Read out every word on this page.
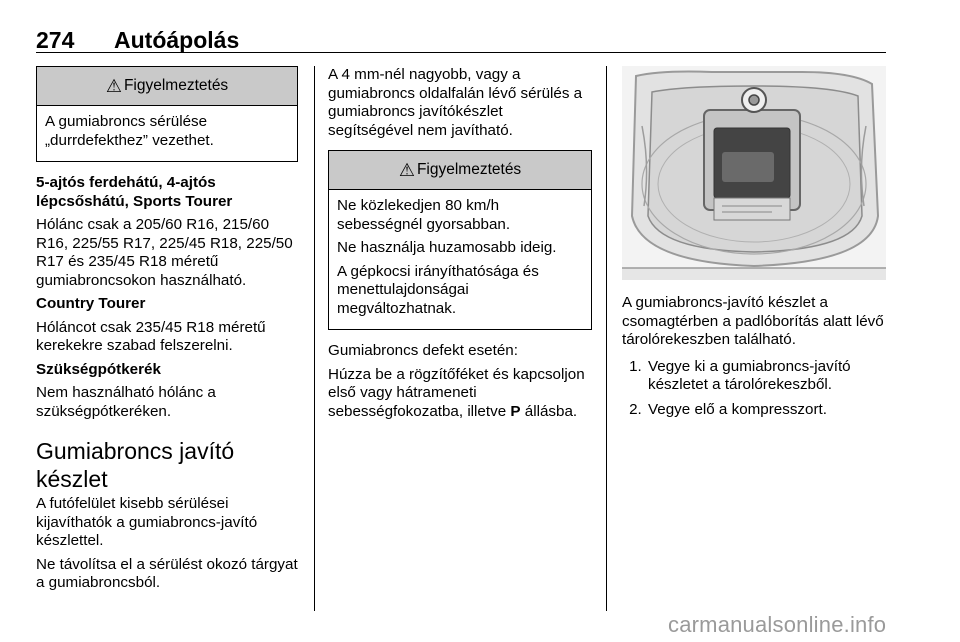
274 Autóápolás
⚠ Figyelmeztetés

A gumiabroncs sérülése „durrdefekthez” vezethet.

5-ajtós ferdehátú, 4-ajtós lépcsőshátú, Sports Tourer

Hólánc csak a 205/60 R16, 215/60 R16, 225/55 R17, 225/45 R18, 225/50 R17 és 235/45 R18 méretű gumiabroncsokon használható.

Country Tourer

Hóláncot csak 235/45 R18 méretű kerekekre szabad felszerelni.

Szükségpótkerék

Nem használható hólánc a szükségpótkeréken.

Gumiabroncs javító készlet

A futófelület kisebb sérülései kijavíthatók a gumiabroncs-javító készlettel.

Ne távolítsa el a sérülést okozó tárgyat a gumiabroncsból.

A 4 mm-nél nagyobb, vagy a gumiabroncs oldalfalán lévő sérülés a gumiabroncs javítókészlet segítségével nem javítható.

⚠ Figyelmeztetés

Ne közlekedjen 80 km/h sebességnél gyorsabban.

Ne használja huzamosabb ideig.

A gépkocsi irányíthatósága és menettulajdonságai megváltozhatnak.

Gumiabroncs defekt esetén:

Húzza be a rögzítőféket és kapcsoljon első vagy hátrameneti sebességfokozatba, illetve P állásba.

A gumiabroncs-javító készlet a csomagtérben a padlóborítás alatt lévő tárolórekeszben található.

1. Vegye ki a gumiabroncs-javító készletet a tárolórekeszből.
2. Vegye elő a kompresszort.
carmanualsonline.info
